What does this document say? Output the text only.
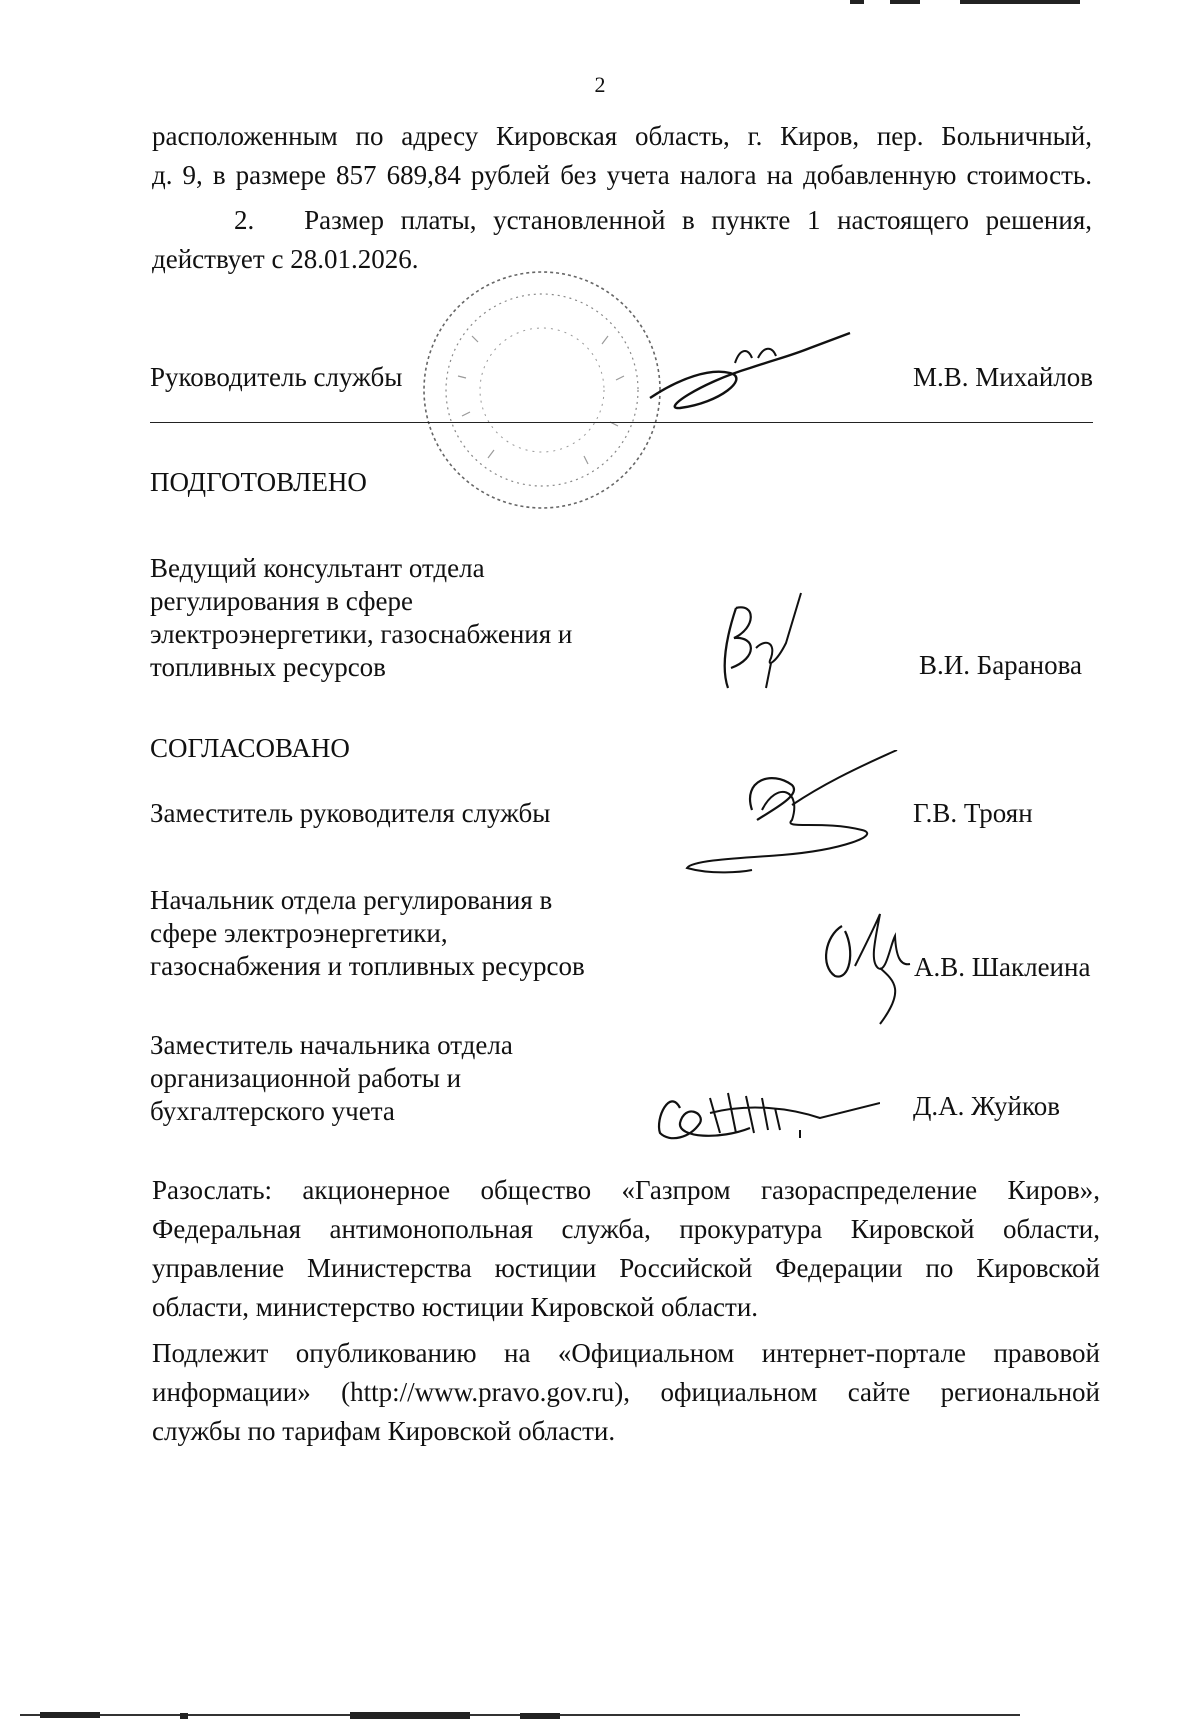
2
расположенным по адресу Кировская область, г. Киров, пер. Больничный,
д. 9, в размере 857 689,84 рублей без учета налога на добавленную стоимость.
2. Размер платы, установленной в пункте 1 настоящего решения,
действует с 28.01.2026.
Руководитель службы	М.В. Михайлов
ПОДГОТОВЛЕНО
Ведущий консультант отдела
регулирования в сфере
электроэнергетики, газоснабжения и
топливных ресурсов	В.И. Баранова
СОГЛАСОВАНО
Заместитель руководителя службы	Г.В. Троян
Начальник отдела регулирования в
сфере электроэнергетики,
газоснабжения и топливных ресурсов	А.В. Шаклеина
Заместитель начальника отдела
организационной работы и
бухгалтерского учета	Д.А. Жуйков
Разослать: акционерное общество «Газпром газораспределение Киров»,
Федеральная антимонопольная служба, прокуратура Кировской области,
управление Министерства юстиции Российской Федерации по Кировской
области, министерство юстиции Кировской области.
Подлежит опубликованию на «Официальном интернет-портале правовой
информации» (http://www.pravo.gov.ru), официальном сайте региональной
службы по тарифам Кировской области.
